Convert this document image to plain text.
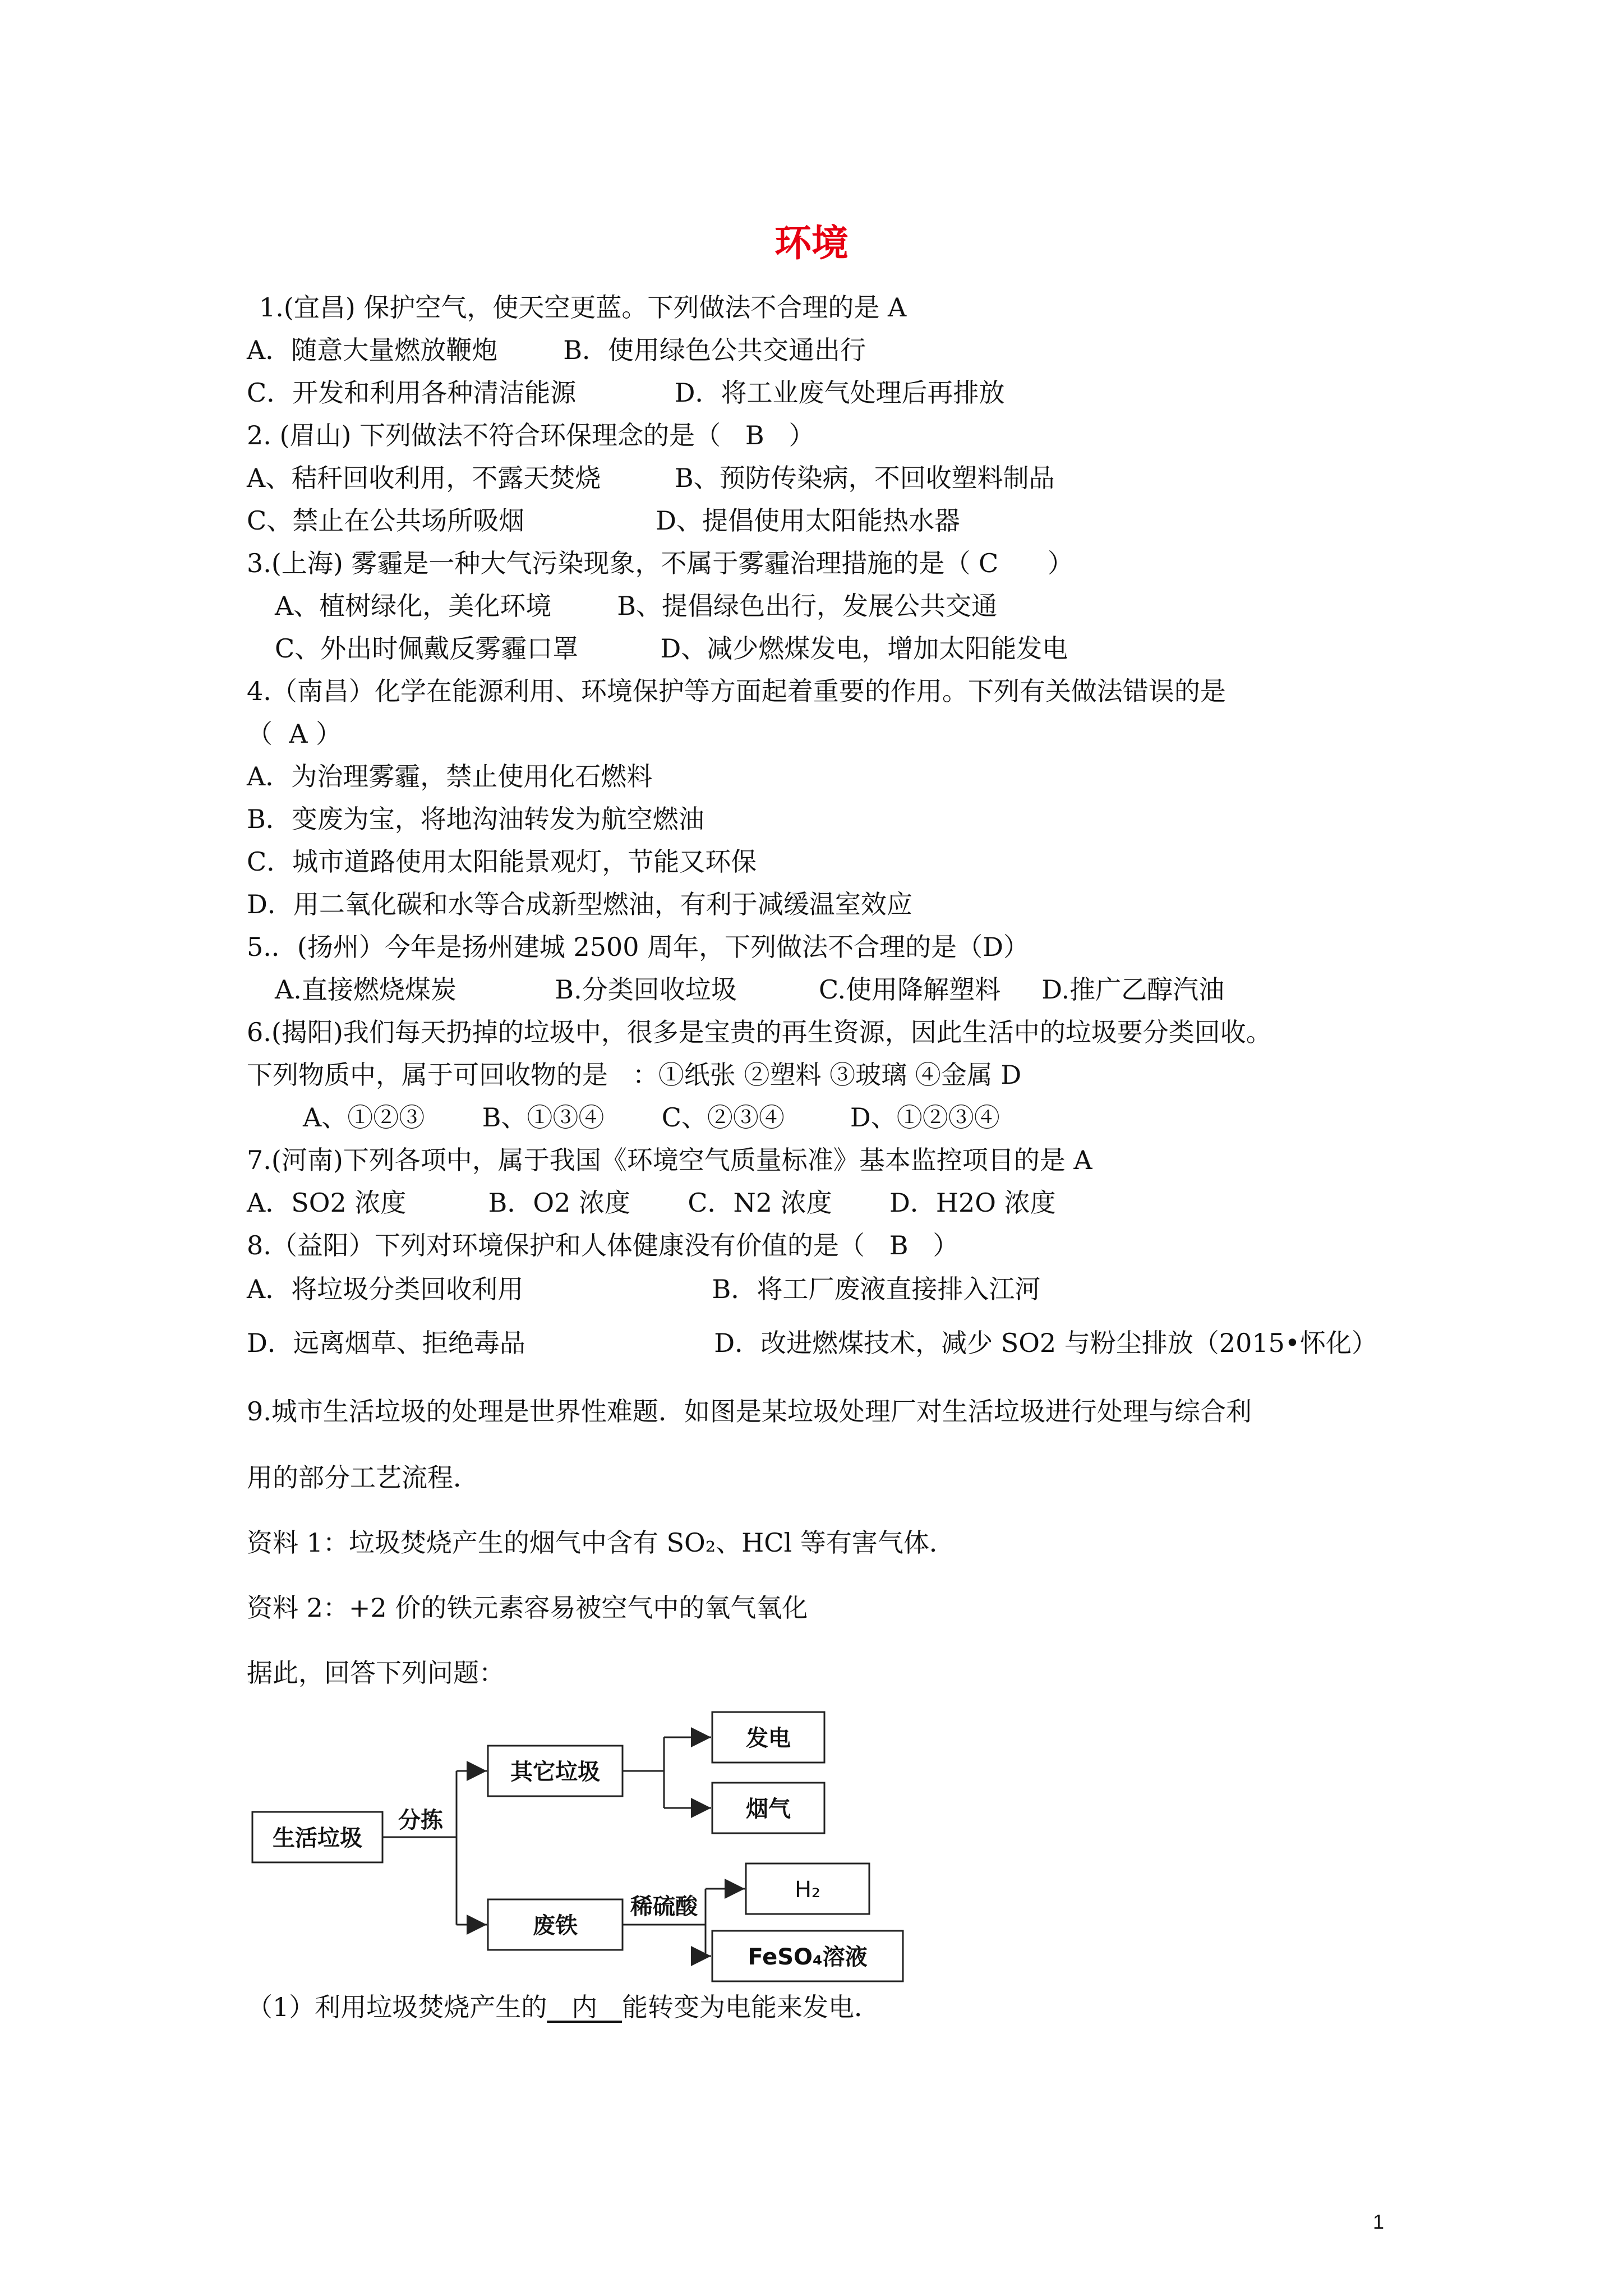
环境
1.(宜昌) 保护空气，使天空更蓝。下列做法不合理的是 A
A．随意大量燃放鞭炮        B．使用绿色公共交通出行
C．开发和利用各种清洁能源            D．将工业废气处理后再排放
2. (眉山) 下列做法不符合环保理念的是（   B   ）
A、秸秆回收利用，不露天焚烧         B、预防传染病，不回收塑料制品
C、禁止在公共场所吸烟                D、提倡使用太阳能热水器
3.(上海) 雾霾是一种大气污染现象，不属于雾霾治理措施的是（ C      ）
A、植树绿化，美化环境        B、提倡绿色出行，发展公共交通
C、外出时佩戴反雾霾口罩          D、减少燃煤发电，增加太阳能发电
4.（南昌）化学在能源利用、环境保护等方面起着重要的作用。下列有关做法错误的是
（  A ）
A．为治理雾霾，禁止使用化石燃料
B．变废为宝，将地沟油转发为航空燃油
C．城市道路使用太阳能景观灯，节能又环保
D．用二氧化碳和水等合成新型燃油，有利于减缓温室效应
5.．(扬州）今年是扬州建城 2500 周年，下列做法不合理的是（D）
A.直接燃烧煤炭            B.分类回收垃圾          C.使用降解塑料     D.推广乙醇汽油
6.(揭阳)我们每天扔掉的垃圾中，很多是宝贵的再生资源，因此生活中的垃圾要分类回收。
下列物质中，属于可回收物的是   ：①纸张 ②塑料 ③玻璃 ④金属 D
A、①②③       B、①③④       C、②③④        D、①②③④
7.(河南)下列各项中，属于我国《环境空气质量标准》基本监控项目的是 A
A．SO2 浓度          B．O2 浓度       C．N2 浓度       D．H2O 浓度
8.（益阳）下列对环境保护和人体健康没有价值的是（   B   ）
A．将垃圾分类回收利用                       B．将工厂废液直接排入江河
D．远离烟草、拒绝毒品                       D．改进燃煤技术，减少 SO2 与粉尘排放（2015•怀化）
9.城市生活垃圾的处理是世界性难题．如图是某垃圾处理厂对生活垃圾进行处理与综合利
用的部分工艺流程．
资料 1：垃圾焚烧产生的烟气中含有 SO₂、HCl 等有害气体．
资料 2：+2 价的铁元素容易被空气中的氧气氧化
据此，回答下列问题：
（1）利用垃圾焚烧产生的   内   能转变为电能来发电．
生活垃圾
分拣
其它垃圾
发电
烟气
废铁
稀硫酸
H₂
FeSO₄溶液
1
